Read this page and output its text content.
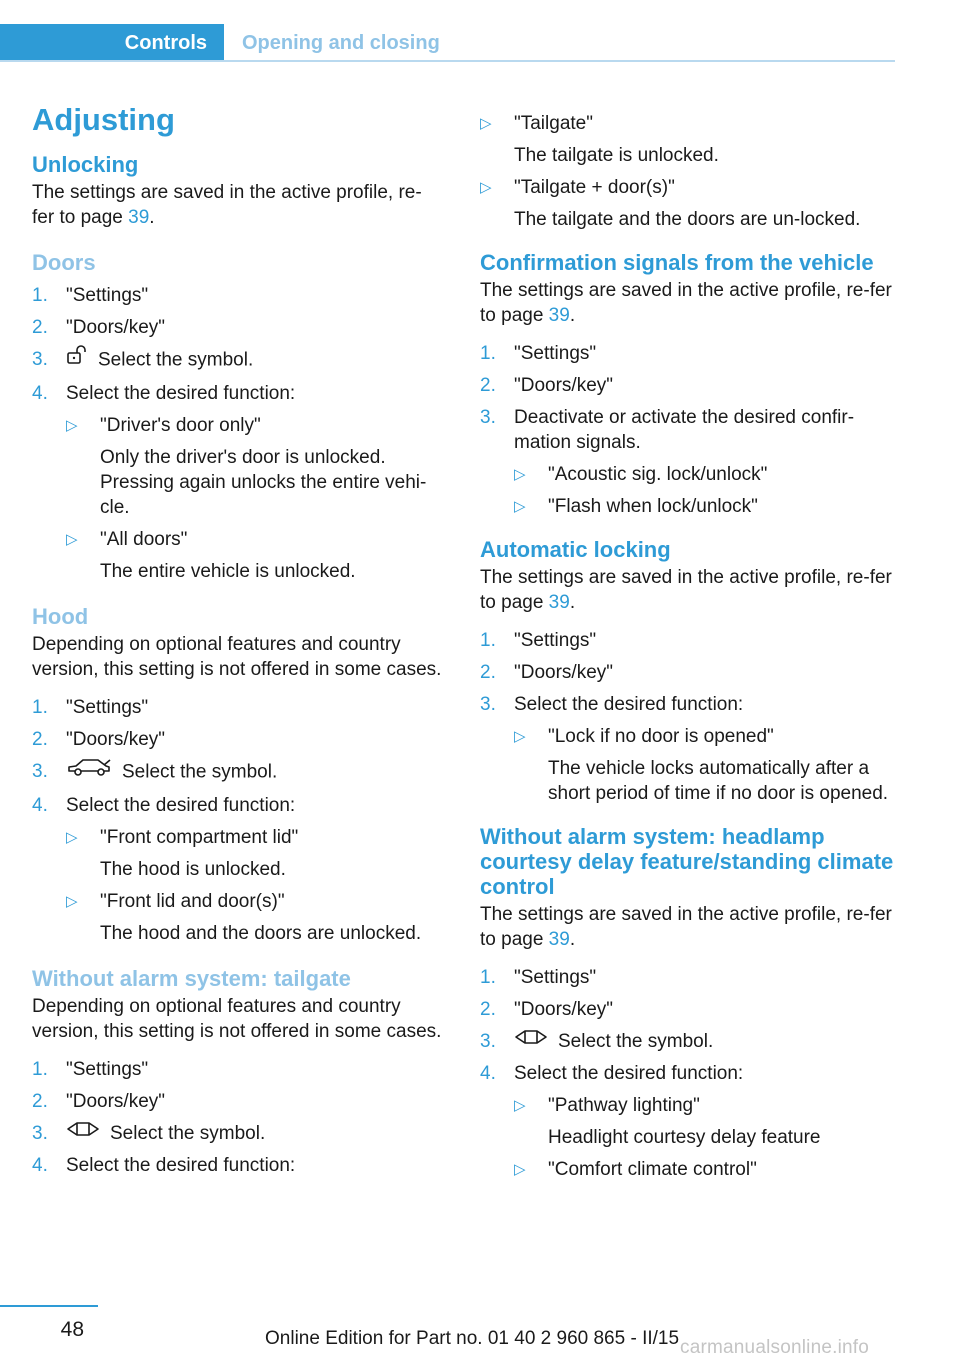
Controls	Opening and closing
Adjusting
Unlocking

The settings are saved in the active profile, re-fer to page 39.

Doors
1. "Settings"
2. "Doors/key"
3.	Select the symbol.
4. Select the desired function:
▷ "Driver's door only"
Only the driver's door is unlocked. Pressing again unlocks the entire vehi-cle.
▷ "All doors"
The entire vehicle is unlocked.
Hood

Depending on optional features and country version, this setting is not offered in some cases.

1. "Settings"
2. "Doors/key"
3.	Select the symbol.
4. Select the desired function:
▷ "Front compartment lid"
The hood is unlocked.
▷ "Front lid and door(s)"
The hood and the doors are unlocked.
Without alarm system: tailgate

Depending on optional features and country version, this setting is not offered in some cases.

1. "Settings"
2. "Doors/key"
3.	Select the symbol.
4. Select the desired function:
▷ "Tailgate"
The tailgate is unlocked.
▷ "Tailgate + door(s)"
The tailgate and the doors are un-locked.
Confirmation signals from the vehicle

The settings are saved in the active profile, re-fer to page 39.

1. "Settings"
2. "Doors/key"
3. Deactivate or activate the desired confir-mation signals.
▷ "Acoustic sig. lock/unlock"
▷ "Flash when lock/unlock"
Automatic locking

The settings are saved in the active profile, re-fer to page 39.

1. "Settings"
2. "Doors/key"
3. Select the desired function:
▷ "Lock if no door is opened"
The vehicle locks automatically after a short period of time if no door is opened.
Without alarm system: headlamp courtesy delay feature/standing climate control

The settings are saved in the active profile, re-fer to page 39.

1. "Settings"
2. "Doors/key"
3.	Select the symbol.
4. Select the desired function:
▷ "Pathway lighting"
Headlight courtesy delay feature
▷ "Comfort climate control"
48	Online Edition for Part no. 01 40 2 960 865 - II/15 carmanualsonline.info
